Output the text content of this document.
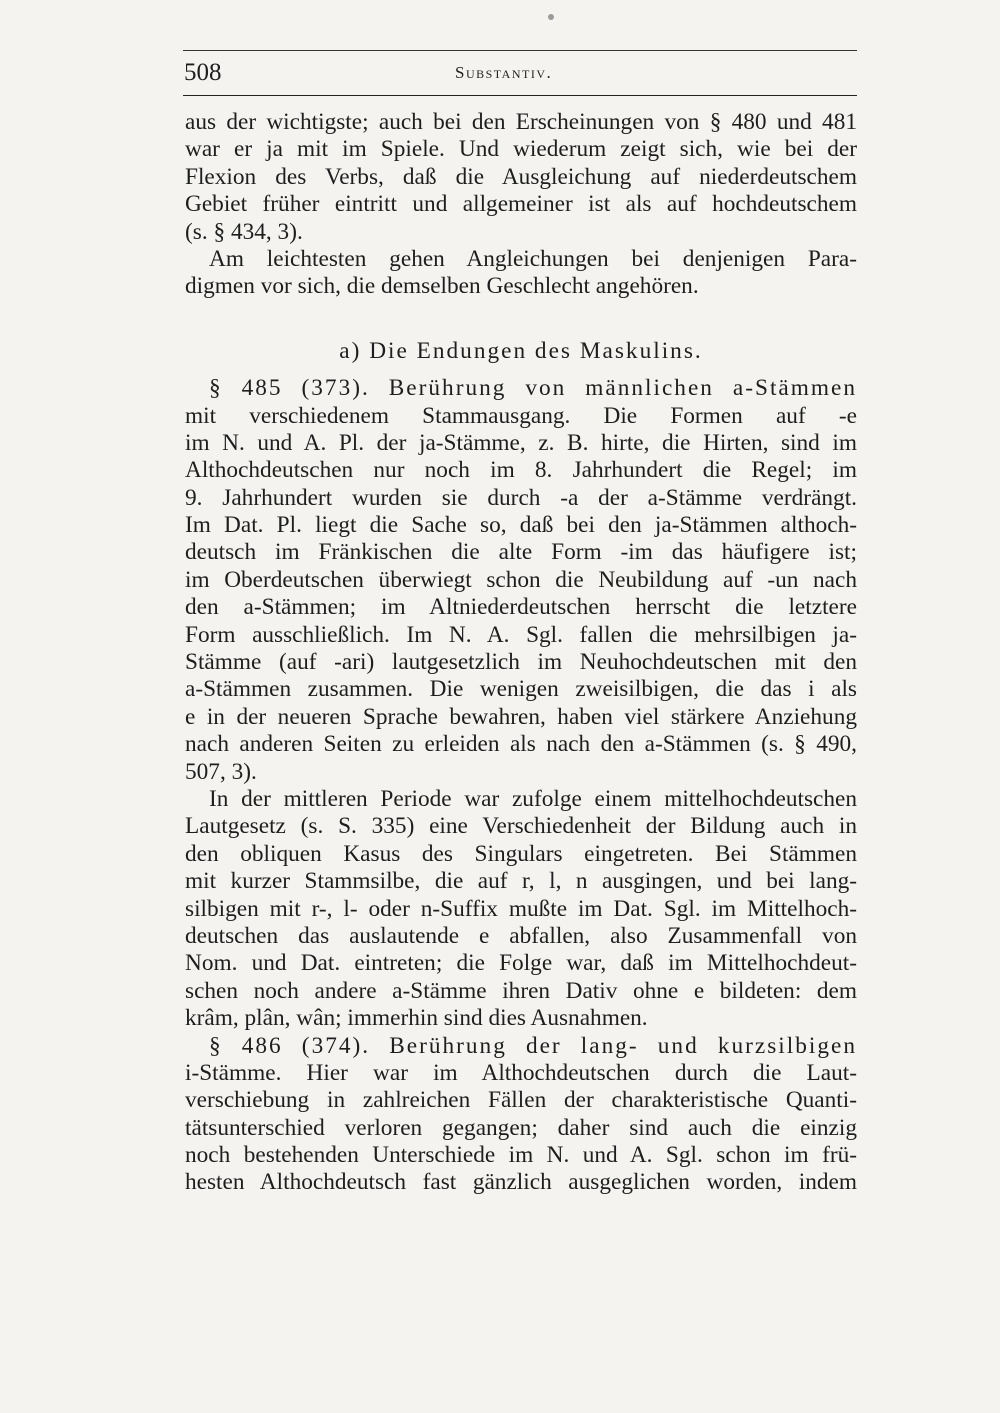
508	Substantiv.
aus der wichtigste; auch bei den Erscheinungen von § 480 und 481
war er ja mit im Spiele. Und wiederum zeigt sich, wie bei der
Flexion des Verbs, daß die Ausgleichung auf niederdeutschem
Gebiet früher eintritt und allgemeiner ist als auf hochdeutschem
(s. § 434, 3).
Am leichtesten gehen Angleichungen bei denjenigen Para-
digmen vor sich, die demselben Geschlecht angehören.
a) Die Endungen des Maskulins.
§ 485 (373). Berührung von männlichen a-Stämmen
mit verschiedenem Stammausgang. Die Formen auf -e
im N. und A. Pl. der ja-Stämme, z. B. hirte, die Hirten, sind im
Althochdeutschen nur noch im 8. Jahrhundert die Regel; im
9. Jahrhundert wurden sie durch -a der a-Stämme verdrängt.
Im Dat. Pl. liegt die Sache so, daß bei den ja-Stämmen althoch-
deutsch im Fränkischen die alte Form -im das häufigere ist;
im Oberdeutschen überwiegt schon die Neubildung auf -un nach
den a-Stämmen; im Altniederdeutschen herrscht die letztere
Form ausschließlich. Im N. A. Sgl. fallen die mehrsilbigen ja-
Stämme (auf -ari) lautgesetzlich im Neuhochdeutschen mit den
a-Stämmen zusammen. Die wenigen zweisilbigen, die das i als
e in der neueren Sprache bewahren, haben viel stärkere Anziehung
nach anderen Seiten zu erleiden als nach den a-Stämmen (s. § 490,
507, 3).
In der mittleren Periode war zufolge einem mittelhochdeutschen
Lautgesetz (s. S. 335) eine Verschiedenheit der Bildung auch in
den obliquen Kasus des Singulars eingetreten. Bei Stämmen
mit kurzer Stammsilbe, die auf r, l, n ausgingen, und bei lang-
silbigen mit r-, l- oder n-Suffix mußte im Dat. Sgl. im Mittelhoch-
deutschen das auslautende e abfallen, also Zusammenfall von
Nom. und Dat. eintreten; die Folge war, daß im Mittelhochdeut-
schen noch andere a-Stämme ihren Dativ ohne e bildeten: dem
krâm, plân, wân; immerhin sind dies Ausnahmen.
§ 486 (374). Berührung der lang- und kurzsilbigen
i-Stämme. Hier war im Althochdeutschen durch die Laut-
verschiebung in zahlreichen Fällen der charakteristische Quanti-
tätsunterschied verloren gegangen; daher sind auch die einzig
noch bestehenden Unterschiede im N. und A. Sgl. schon im frü-
hesten Althochdeutsch fast gänzlich ausgeglichen worden, indem
